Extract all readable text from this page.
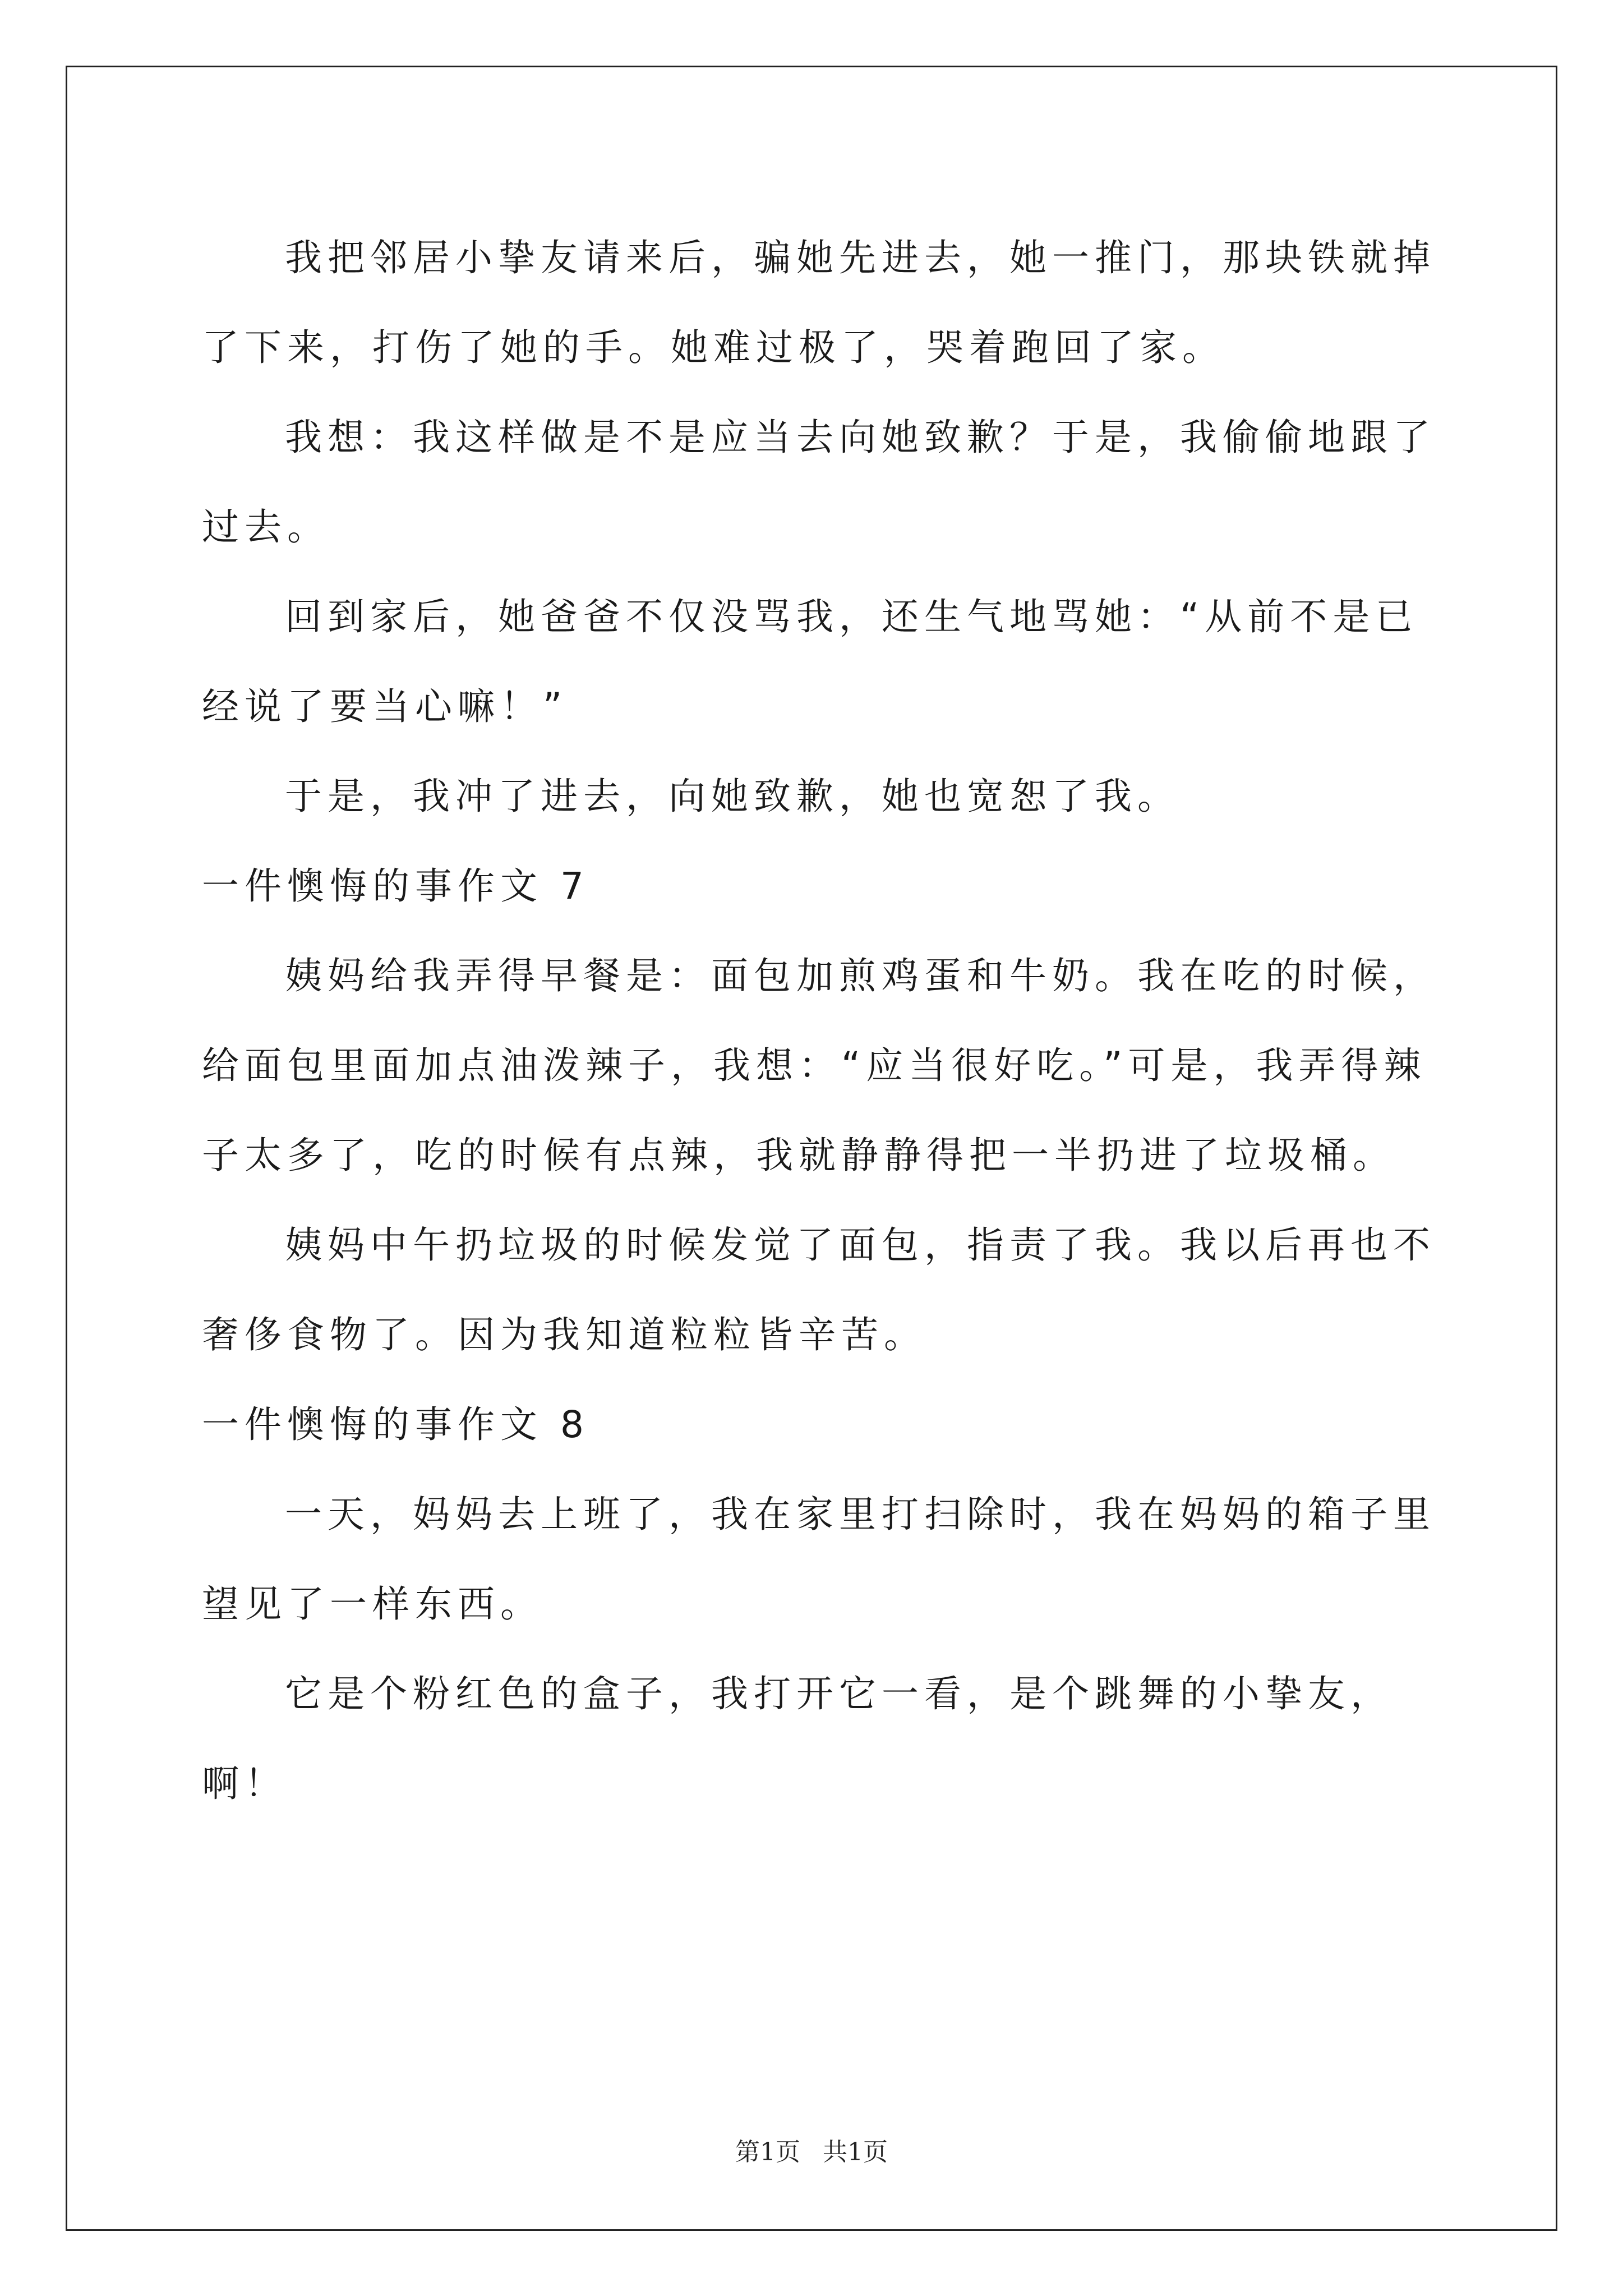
我把邻居小挚友请来后，骗她先进去，她一推门，那块铁就掉了下来，打伤了她的手。她难过极了，哭着跑回了家。

我想：我这样做是不是应当去向她致歉？于是，我偷偷地跟了过去。

回到家后，她爸爸不仅没骂我，还生气地骂她：“从前不是已经说了要当心嘛！”

于是，我冲了进去，向她致歉，她也宽恕了我。

一件懊悔的事作文 7

姨妈给我弄得早餐是：面包加煎鸡蛋和牛奶。我在吃的时候，给面包里面加点油泼辣子，我想：“应当很好吃。”可是，我弄得辣子太多了，吃的时候有点辣，我就静静得把一半扔进了垃圾桶。

姨妈中午扔垃圾的时候发觉了面包，指责了我。我以后再也不奢侈食物了。因为我知道粒粒皆辛苦。

一件懊悔的事作文 8

一天，妈妈去上班了，我在家里打扫除时，我在妈妈的箱子里望见了一样东西。

它是个粉红色的盒子，我打开它一看，是个跳舞的小挚友，啊！

第1页 共1页
